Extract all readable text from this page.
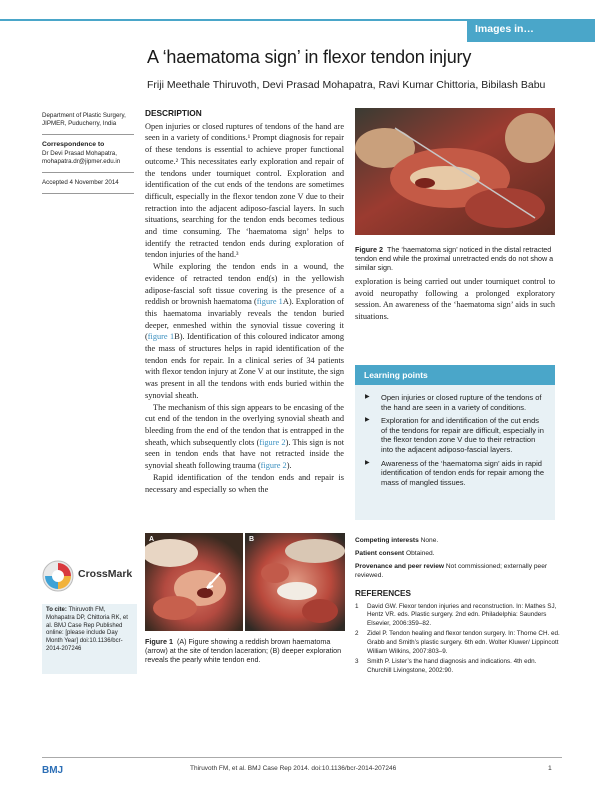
Images in…
A ‘haematoma sign’ in flexor tendon injury
Friji Meethale Thiruvoth, Devi Prasad Mohapatra, Ravi Kumar Chittoria, Bibilash Babu
Department of Plastic Surgery, JIPMER, Puducherry, India
Correspondence to
Dr Devi Prasad Mohapatra, mohapatra.dr@jipmer.edu.in
Accepted 4 November 2014
DESCRIPTION

Open injuries or closed ruptures of tendons of the hand are seen in a variety of conditions.¹ Prompt diagnosis for repair of these tendons is essential to achieve proper functional outcome.² This necessitates early exploration and repair of the tendons under tourniquet control. Exploration and identification of the cut ends of the tendons are sometimes difficult, especially in the flexor tendon zone V due to their retraction into the adjacent adiposo-fascial layers. In such situations, searching for the tendon ends becomes tedious and time consuming. The ‘haematoma sign’ helps to identify the retracted tendon ends during exploration of tendon injuries of the hand.³

While exploring the tendon ends in a wound, the evidence of retracted tendon end(s) in the yellowish adipose-fascial soft tissue covering is the presence of a reddish or brownish haematoma (figure 1A). Exploration of this haematoma invariably reveals the tendon buried deeper, enmeshed within the synovial tissue covering it (figure 1B). Identification of this coloured indicator among the mass of structures helps in rapid identification of the tendon ends for repair. In a clinical series of 34 patients with flexor tendon injury at Zone V at our institute, the sign was present in all the tendons with ends buried within the synovial sheath.

The mechanism of this sign appears to be encasing of the cut end of the tendon in the overlying synovial sheath and bleeding from the end of the tendon that is entrapped in the sheath, which subsequently clots (figure 2). This sign is not seen in tendon ends that have not retracted inside the synovial sheath following trauma (figure 2).

Rapid identification of the tendon ends and repair is necessary and especially so when the

A	B
Figure 1 (A) Figure showing a reddish brown haematoma (arrow) at the site of tendon laceration; (B) deeper exploration reveals the pearly white tendon end.
Figure 2 The ‘haematoma sign’ noticed in the distal retracted tendon end while the proximal unretracted ends do not show a similar sign.

exploration is being carried out under tourniquet control to avoid neuropathy following a prolonged exploratory session. An awareness of the ‘haematoma sign’ aids in such situations.

Learning points
▶ Open injuries or closed rupture of the tendons of the hand are seen in a variety of conditions.
▶ Exploration for and identification of the cut ends of the tendons for repair are difficult, especially in the flexor tendon zone V due to their retraction into the adjacent adiposo-fascial layers.
▶ Awareness of the ‘haematoma sign’ aids in rapid identification of tendon ends for repair among the mass of mangled tissues.

Competing interests None.

Patient consent Obtained.

Provenance and peer review Not commissioned; externally peer reviewed.

REFERENCES
1 David GW. Flexor tendon injuries and reconstruction. In: Mathes SJ, Hentz VR. eds. Plastic surgery. 2nd edn. Philadelphia: Saunders Elsevier, 2006:359–82.
2 Zidel P. Tendon healing and flexor tendon surgery. In: Thorne CH. ed. Grabb and Smith’s plastic surgery. 6th edn. Wolter Kluwer/ Lippincott William Wilkins, 2007:803–9.
3 Smith P. Lister’s the hand diagnosis and indications. 4th edn. Churchill Livingstone, 2002:90.
CrossMark
To cite: Thiruvoth FM, Mohapatra DP, Chittoria RK, et al. BMJ Case Rep Published online: [please include Day Month Year] doi:10.1136/bcr-2014-207246
BMJ	Thiruvoth FM, et al. BMJ Case Rep 2014. doi:10.1136/bcr-2014-207246	1
